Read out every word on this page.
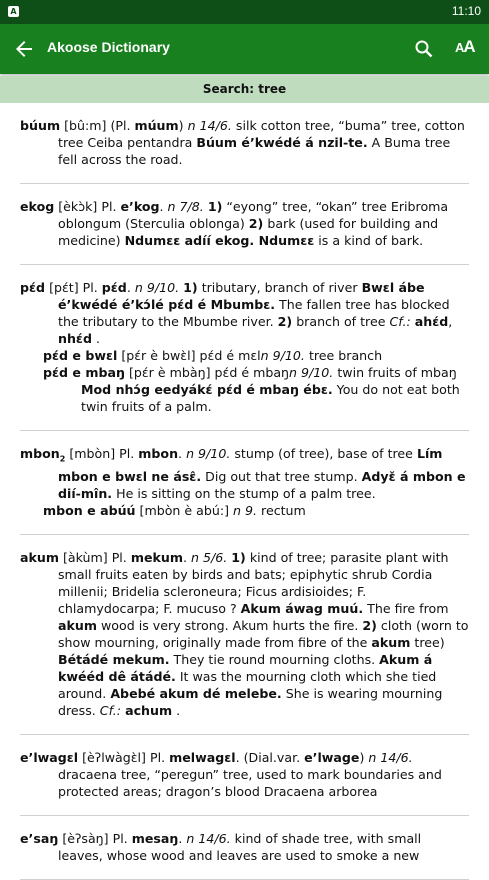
A	11:10
Akoose Dictionary	AA
Search: tree

búum [bû:m] (Pl. múum) n 14/6. silk cotton tree, “buma” tree, cotton tree Ceiba pentandra Búum é’kwédé á nzil-te. A Buma tree fell across the road.

ekog [èkɔ̀k] Pl. e’kog. n 7/8. 1) “eyong” tree, “okan” tree Eribroma oblongum (Sterculia oblonga) 2) bark (used for building and medicine) Ndumɛɛ adíí ekog. Ndumɛɛ is a kind of bark.

pɛ́d [pɛ́t] Pl. pɛ́d. n 9/10. 1) tributary, branch of river Bwɛl ábe é’kwédé é’kɔ́lé pɛ́d é Mbumbɛ. The fallen tree has blocked the tributary to the Mbumbe river. 2) branch of tree Cf.: ahɛ́d, nhɛ́d .

pɛ́d e bwɛl [pɛ́r è bwɛ̀l] pɛ́d é mɛln 9/10. tree branch

pɛ́d e mbaŋ [pɛ́r è mbàŋ] pɛ́d é mbaŋn 9/10. twin fruits of mbaŋ Mod nhɔ́g eedyákɛ́ pɛ́d é mbaŋ ébɛ. You do not eat both twin fruits of a palm.

mbon$_2$ [mbòn] Pl. mbon. n 9/10. stump (of tree), base of tree Lím mbon e bwɛl ne ásɛ̂. Dig out that tree stump. Adyɛ̌ á mbon e dií-mîn. He is sitting on the stump of a palm tree.

mbon e abúú [mbòn è abú:] n 9. rectum

akum [àkùm] Pl. mekum. n 5/6. 1) kind of tree; parasite plant with small fruits eaten by birds and bats; epiphytic shrub Cordia millenii; Bridelia scleroneura; Ficus ardisioides; F. chlamydocarpa; F. mucuso ? Akum áwag muú. The fire from akum wood is very strong. Akum hurts the fire. 2) cloth (worn to show mourning, originally made from fibre of the akum tree) Bétádé mekum. They tie round mourning cloths. Akum á kwééd dê átádé. It was the mourning cloth which she tied around. Abebé akum dé melebe. She is wearing mourning dress. Cf.: achum .

e’lwagɛl [èʔlwàgɛ̀l] Pl. melwagɛl. (Dial.var. e’lwage) n 14/6. dracaena tree, “peregun” tree, used to mark boundaries and protected areas; dragon’s blood Dracaena arborea

e’saŋ [èʔsàŋ] Pl. mesaŋ. n 14/6. kind of shade tree, with small leaves, whose wood and leaves are used to smoke a new
